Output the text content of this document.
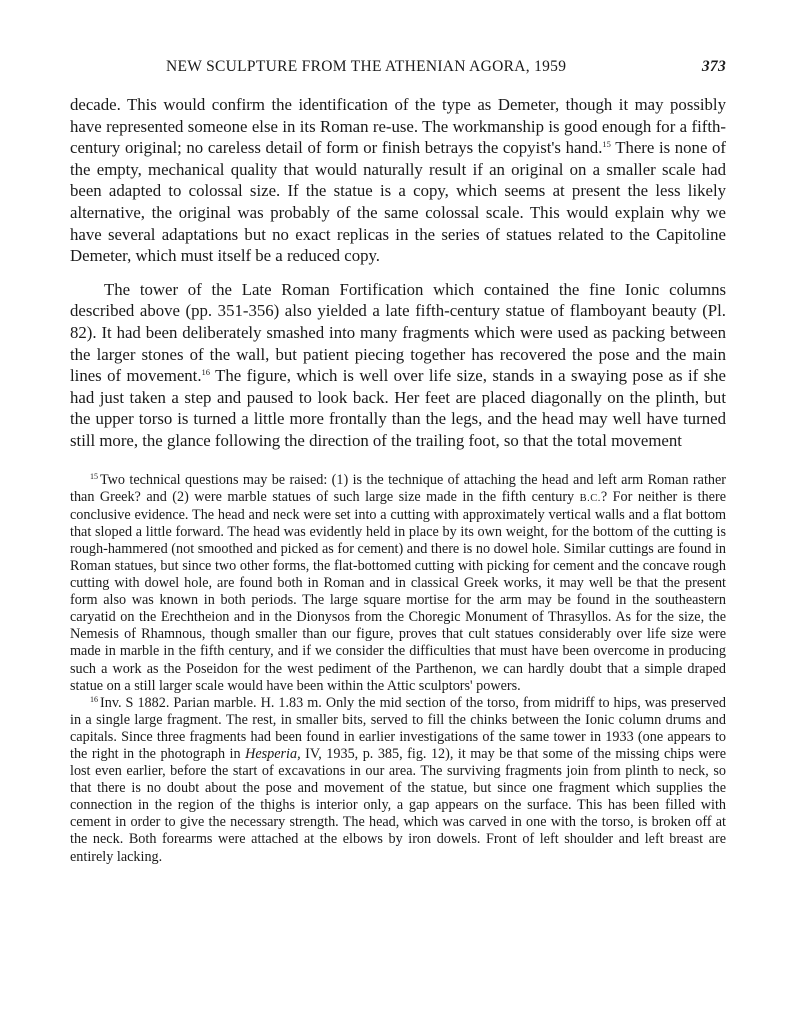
NEW SCULPTURE FROM THE ATHENIAN AGORA, 1959	373

decade. This would confirm the identification of the type as Demeter, though it may possibly have represented someone else in its Roman re-use. The workmanship is good enough for a fifth-century original; no careless detail of form or finish betrays the copyist's hand.$^{15}$ There is none of the empty, mechanical quality that would naturally result if an original on a smaller scale had been adapted to colossal size. If the statue is a copy, which seems at present the less likely alternative, the original was probably of the same colossal scale. This would explain why we have several adaptations but no exact replicas in the series of statues related to the Capitoline Demeter, which must itself be a reduced copy.

The tower of the Late Roman Fortification which contained the fine Ionic columns described above (pp. 351-356) also yielded a late fifth-century statue of flamboyant beauty (Pl. 82). It had been deliberately smashed into many fragments which were used as packing between the larger stones of the wall, but patient piecing together has recovered the pose and the main lines of movement.$^{16}$ The figure, which is well over life size, stands in a swaying pose as if she had just taken a step and paused to look back. Her feet are placed diagonally on the plinth, but the upper torso is turned a little more frontally than the legs, and the head may well have turned still more, the glance following the direction of the trailing foot, so that the total movement

$^{15}$ Two technical questions may be raised: (1) is the technique of attaching the head and left arm Roman rather than Greek? and (2) were marble statues of such large size made in the fifth century B.C.? For neither is there conclusive evidence. The head and neck were set into a cutting with approximately vertical walls and a flat bottom that sloped a little forward. The head was evidently held in place by its own weight, for the bottom of the cutting is rough-hammered (not smoothed and picked as for cement) and there is no dowel hole. Similar cuttings are found in Roman statues, but since two other forms, the flat-bottomed cutting with picking for cement and the concave rough cutting with dowel hole, are found both in Roman and in classical Greek works, it may well be that the present form also was known in both periods. The large square mortise for the arm may be found in the southeastern caryatid on the Erechtheion and in the Dionysos from the Choregic Monument of Thrasyllos. As for the size, the Nemesis of Rhamnous, though smaller than our figure, proves that cult statues considerably over life size were made in marble in the fifth century, and if we consider the difficulties that must have been overcome in producing such a work as the Poseidon for the west pediment of the Parthenon, we can hardly doubt that a simple draped statue on a still larger scale would have been within the Attic sculptors' powers.

$^{16}$ Inv. S 1882. Parian marble. H. 1.83 m. Only the mid section of the torso, from midriff to hips, was preserved in a single large fragment. The rest, in smaller bits, served to fill the chinks between the Ionic column drums and capitals. Since three fragments had been found in earlier investigations of the same tower in 1933 (one appears to the right in the photograph in Hesperia, IV, 1935, p. 385, fig. 12), it may be that some of the missing chips were lost even earlier, before the start of excavations in our area. The surviving fragments join from plinth to neck, so that there is no doubt about the pose and movement of the statue, but since one fragment which supplies the connection in the region of the thighs is interior only, a gap appears on the surface. This has been filled with cement in order to give the necessary strength. The head, which was carved in one with the torso, is broken off at the neck. Both forearms were attached at the elbows by iron dowels. Front of left shoulder and left breast are entirely lacking.
